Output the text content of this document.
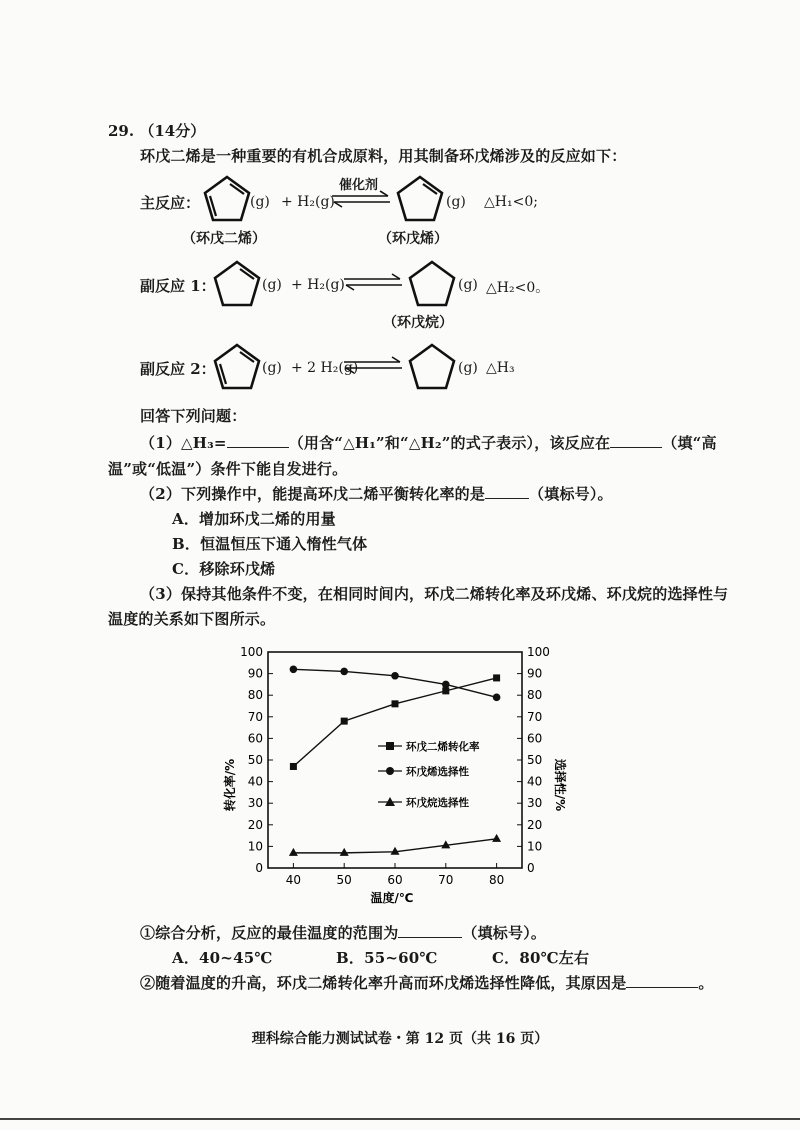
29. （14分）
环戊二烯是一种重要的有机合成原料，用其制备环戊烯涉及的反应如下：
主反应：	(g) + H₂(g)
催化剂
(g) △H₁<0;
（环戊二烯）	（环戊烯）
副反应 1：	(g) + H₂(g)	(g) △H₂<0。
（环戊烷）
副反应 2：	(g) + 2 H₂(g)	(g) △H₃
回答下列问题：
（1）△H₃=	（用含“△H₁”和“△H₂”的式子表示），该反应在	（填“高
温”或“低温”）条件下能自发进行。
（2）下列操作中，能提高环戊二烯平衡转化率的是	（填标号）。
A．增加环戊二烯的用量
B．恒温恒压下通入惰性气体
C．移除环戊烯
（3）保持其他条件不变，在相同时间内，环戊二烯转化率及环戊烯、环戊烷的选择性与
温度的关系如下图所示。
转化率/%	选择性/%
温度/℃
0	0
10	10
20	20
30	30
40	40
50	50
60	60
70	70
80	80
90	90
100	100
40	50	60	70	80
环戊二烯转化率
环戊烯选择性
环戊烷选择性
①综合分析，反应的最佳温度的范围为	（填标号）。
A．40~45℃	B．55~60℃	C．80℃左右
②随着温度的升高，环戊二烯转化率升高而环戊烯选择性降低，其原因是	。
理科综合能力测试试卷・第 12 页（共 16 页）
